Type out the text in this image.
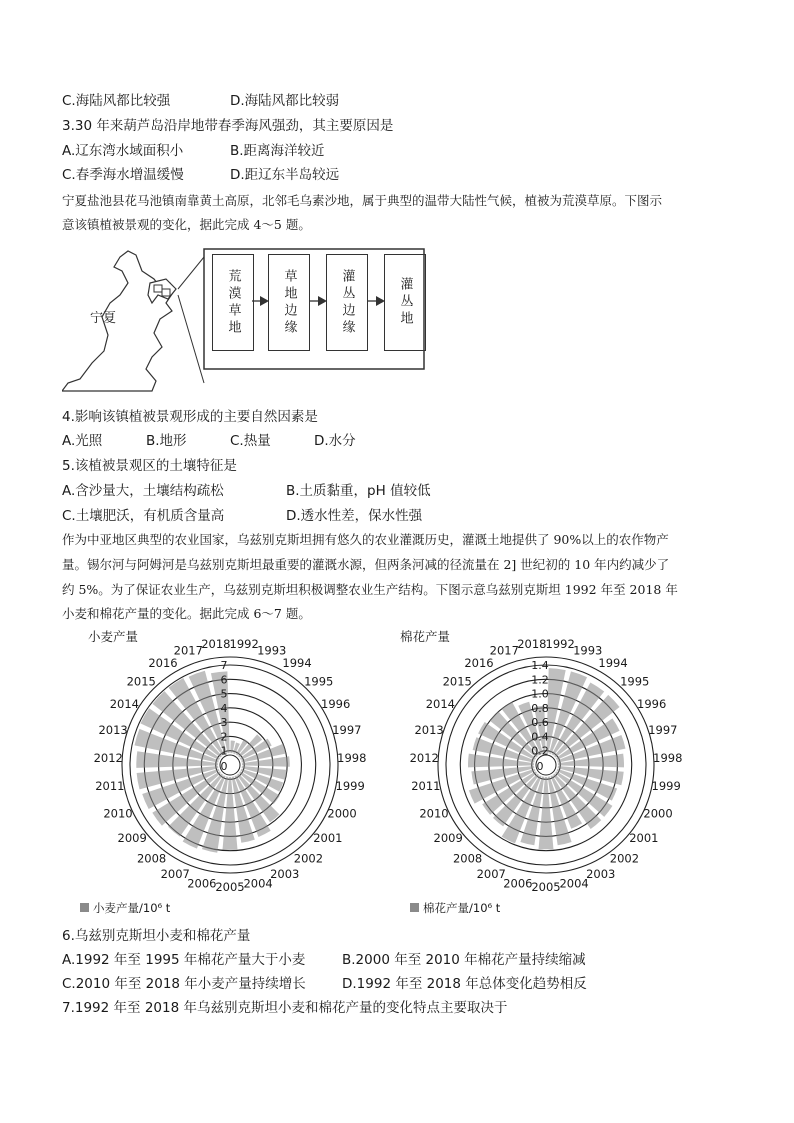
C.海陆风都比较强	D.海陆风都比较弱
3.30 年来葫芦岛沿岸地带春季海风强劲，其主要原因是
A.辽东湾水域面积小	B.距离海洋较近
C.春季海水增温缓慢	D.距辽东半岛较远
宁夏盐池县花马池镇南靠黄土高原，北邻毛乌素沙地，属于典型的温带大陆性气候，植被为荒漠草原。下图示
意该镇植被景观的变化，据此完成 4～5 题。
宁夏	荒漠草地	草地边缘	灌丛边缘	灌丛地
4.影响该镇植被景观形成的主要自然因素是
A.光照	B.地形	C.热量	D.水分
5.该植被景观区的土壤特征是
A.含沙量大，土壤结构疏松	B.土质黏重，pH 值较低
C.土壤肥沃，有机质含量高	D.透水性差，保水性强
作为中亚地区典型的农业国家，乌兹别克斯坦拥有悠久的农业灌溉历史，灌溉土地提供了 90%以上的农作物产
量。锡尔河与阿姆河是乌兹别克斯坦最重要的灌溉水源，但两条河减的径流量在 2] 世纪初的 10 年内约减少了
约 5%。为了保证农业生产，乌兹别克斯坦积极调整农业生产结构。下图示意乌兹别克斯坦 1992 年至 2018 年
小麦和棉花产量的变化。据此完成 6～7 题。
小麦产量
0
1
2
3
4
5
6
7
1992
1993
1994
1995
1996
1997
1998
1999
2000
2001
2002
2003
2004
2005
2006
2007
2008
2009
2010
2011
2012
2013
2014
2015
2016
2017
2018
小麦产量/10⁶ t
棉花产量
0
0.2
0.4
0.6
0.8
1.0
1.2
1.4
1992
1993
1994
1995
1996
1997
1998
1999
2000
2001
2002
2003
2004
2005
2006
2007
2008
2009
2010
2011
2012
2013
2014
2015
2016
2017
2018
棉花产量/10⁶ t
6.乌兹别克斯坦小麦和棉花产量
A.1992 年至 1995 年棉花产量大于小麦	B.2000 年至 2010 年棉花产量持续缩减
C.2010 年至 2018 年小麦产量持续增长	D.1992 年至 2018 年总体变化趋势相反
7.1992 年至 2018 年乌兹别克斯坦小麦和棉花产量的变化特点主要取决于
